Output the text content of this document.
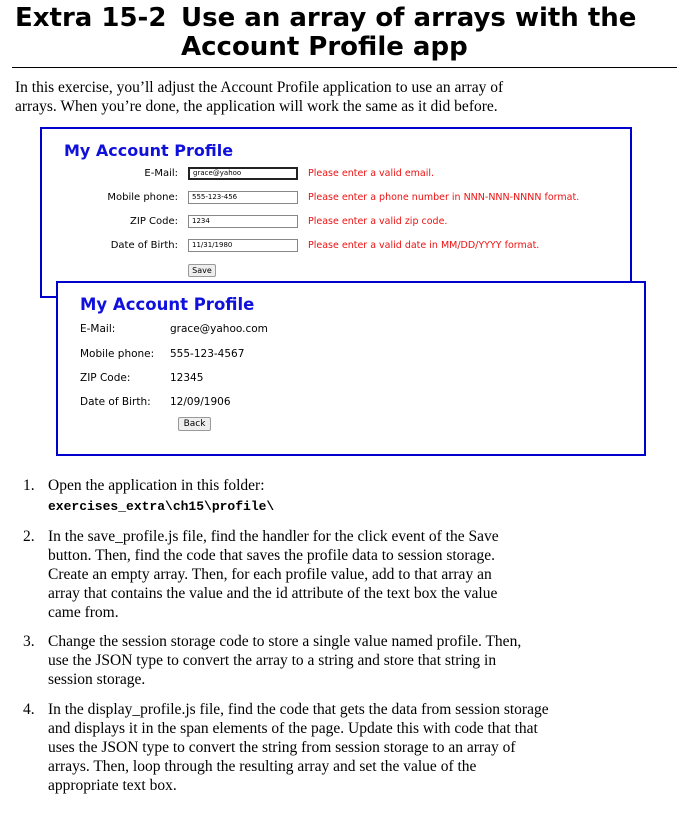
Extra 15-2 Use an array of arrays with the
Account Profile app
In this exercise, you’ll adjust the Account Profile application to use an array of
arrays. When you’re done, the application will work the same as it did before.
My Account Profile
E-Mail:	grace@yahoo	Please enter a valid email.
Mobile phone:	555-123-456	Please enter a phone number in NNN-NNN-NNNN format.
ZIP Code:	1234	Please enter a valid zip code.
Date of Birth:	11/31/1980	Please enter a valid date in MM/DD/YYYY format.
Save
My Account Profile
E-Mail:	grace@yahoo.com
Mobile phone: 555-123-4567
ZIP Code:	12345
Date of Birth: 12/09/1906
Back
1. Open the application in this folder:
exercises_extra\ch15\profile\
2. In the save_profile.js file, find the handler for the click event of the Save
button. Then, find the code that saves the profile data to session storage.
Create an empty array. Then, for each profile value, add to that array an
array that contains the value and the id attribute of the text box the value
came from.
3. Change the session storage code to store a single value named profile. Then,
use the JSON type to convert the array to a string and store that string in
session storage.
4. In the display_profile.js file, find the code that gets the data from session storage
and displays it in the span elements of the page. Update this with code that that
uses the JSON type to convert the string from session storage to an array of
arrays. Then, loop through the resulting array and set the value of the
appropriate text box.
